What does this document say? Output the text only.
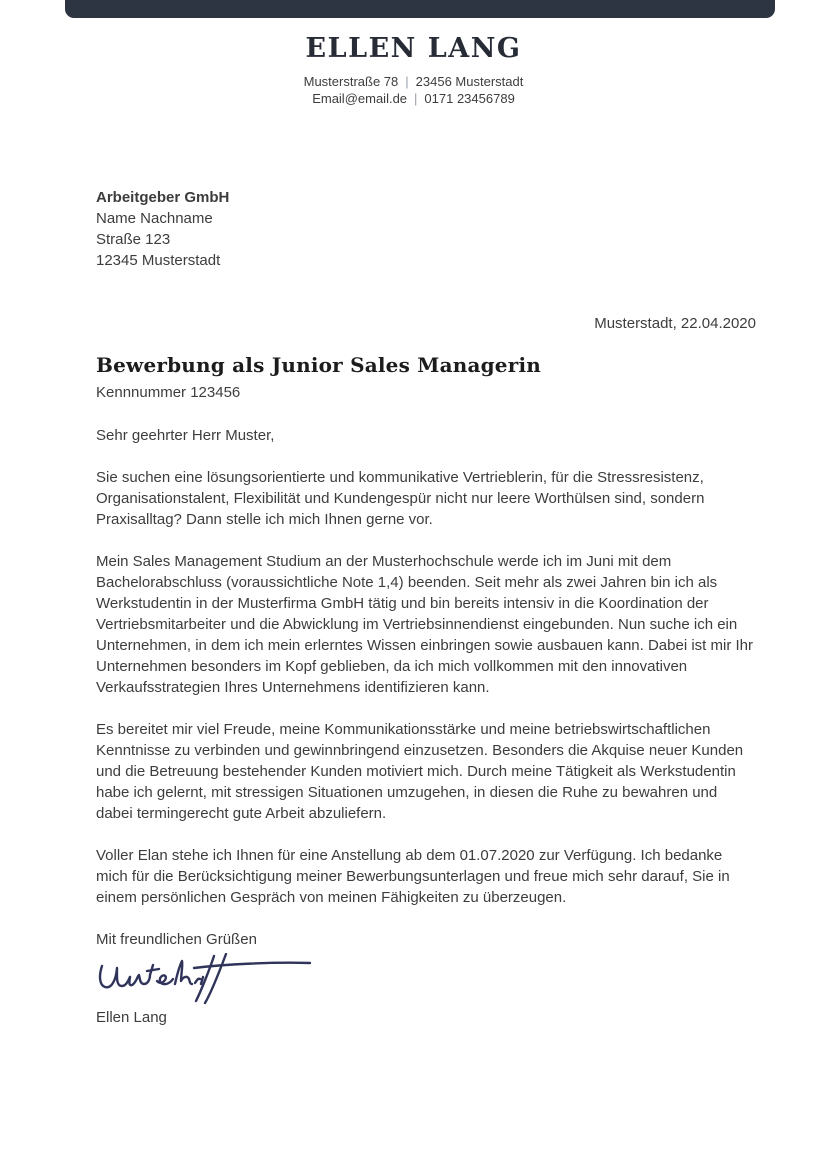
ELLEN LANG
Musterstraße 78 | 23456 Musterstadt
Email@email.de | 0171 23456789

Arbeitgeber GmbH

Name Nachname

Straße 123

12345 Musterstadt

Musterstadt, 22.04.2020

Bewerbung als Junior Sales Managerin

Kennnummer 123456

Sehr geehrter Herr Muster,

Sie suchen eine lösungsorientierte und kommunikative Vertrieblerin, für die Stressresistenz, Organisationstalent, Flexibilität und Kundengespür nicht nur leere Worthülsen sind, sondern Praxisalltag? Dann stelle ich mich Ihnen gerne vor.

Mein Sales Management Studium an der Musterhochschule werde ich im Juni mit dem Bachelorabschluss (voraussichtliche Note 1,4) beenden. Seit mehr als zwei Jahren bin ich als Werkstudentin in der Musterfirma GmbH tätig und bin bereits intensiv in die Koordination der Vertriebsmitarbeiter und die Abwicklung im Vertriebsinnendienst eingebunden. Nun suche ich ein Unternehmen, in dem ich mein erlerntes Wissen einbringen sowie ausbauen kann. Dabei ist mir Ihr Unternehmen besonders im Kopf geblieben, da ich mich vollkommen mit den innovativen Verkaufsstrategien Ihres Unternehmens identifizieren kann.

Es bereitet mir viel Freude, meine Kommunikationsstärke und meine betriebswirtschaftlichen Kenntnisse zu verbinden und gewinnbringend einzusetzen. Besonders die Akquise neuer Kunden und die Betreuung bestehender Kunden motiviert mich. Durch meine Tätigkeit als Werkstudentin habe ich gelernt, mit stressigen Situationen umzugehen, in diesen die Ruhe zu bewahren und dabei termingerecht gute Arbeit abzuliefern.

Voller Elan stehe ich Ihnen für eine Anstellung ab dem 01.07.2020 zur Verfügung. Ich bedanke mich für die Berücksichtigung meiner Bewerbungsunterlagen und freue mich sehr darauf, Sie in einem persönlichen Gespräch von meinen Fähigkeiten zu überzeugen.

Mit freundlichen Grüßen

Ellen Lang
